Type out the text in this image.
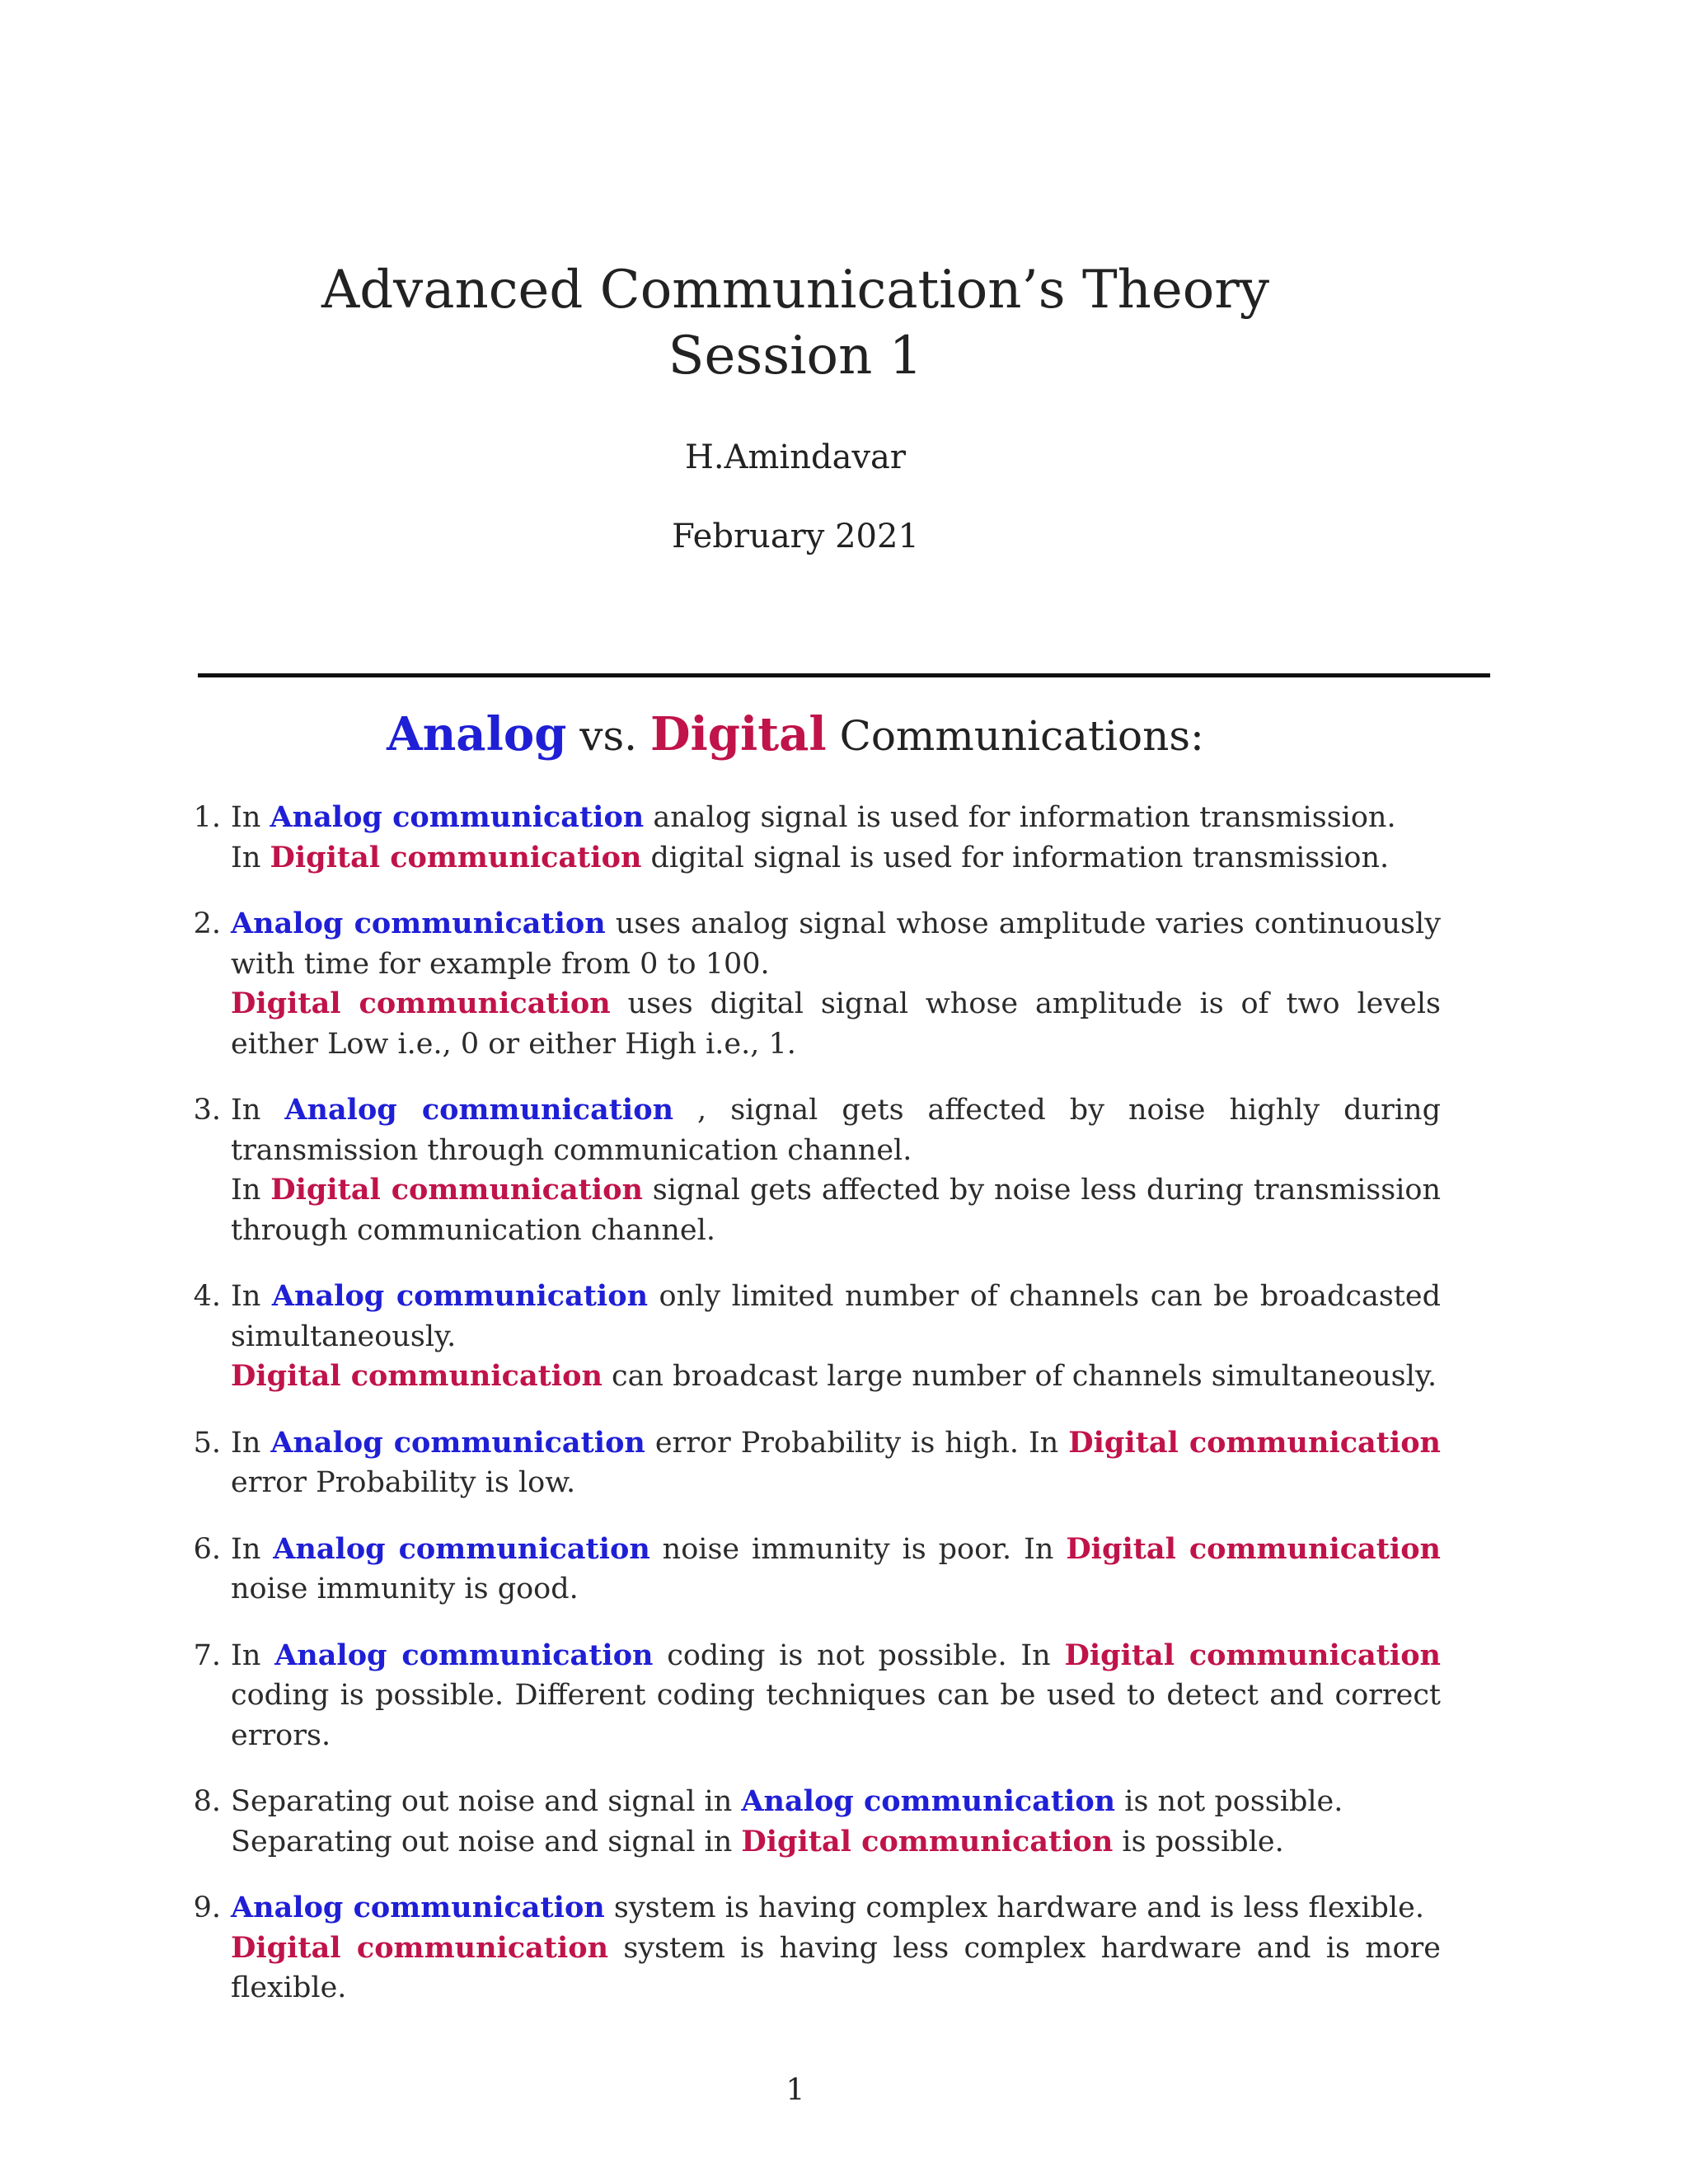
Advanced Communication’s Theory
Session 1
H.Amindavar
February 2021
Analog vs. Digital Communications:
1. In Analog communication analog signal is used for information transmission.
In Digital communication digital signal is used for information transmission.
2. Analog communication uses analog signal whose amplitude varies continuously with time for example from 0 to 100.
Digital communication uses digital signal whose amplitude is of two levels either Low i.e., 0 or either High i.e., 1.
3. In Analog communication , signal gets affected by noise highly during transmission through communication channel.
In Digital communication signal gets affected by noise less during transmission through communication channel.
4. In Analog communication only limited number of channels can be broadcasted simultaneously.
Digital communication can broadcast large number of channels simultaneously.
5. In Analog communication error Probability is high. In Digital communication error Probability is low.
6. In Analog communication noise immunity is poor. In Digital communication noise immunity is good.
7. In Analog communication coding is not possible. In Digital communication coding is possible. Different coding techniques can be used to detect and correct errors.
8. Separating out noise and signal in Analog communication is not possible.
Separating out noise and signal in Digital communication is possible.
9. Analog communication system is having complex hardware and is less flexible.
Digital communication system is having less complex hardware and is more flexible.
1
